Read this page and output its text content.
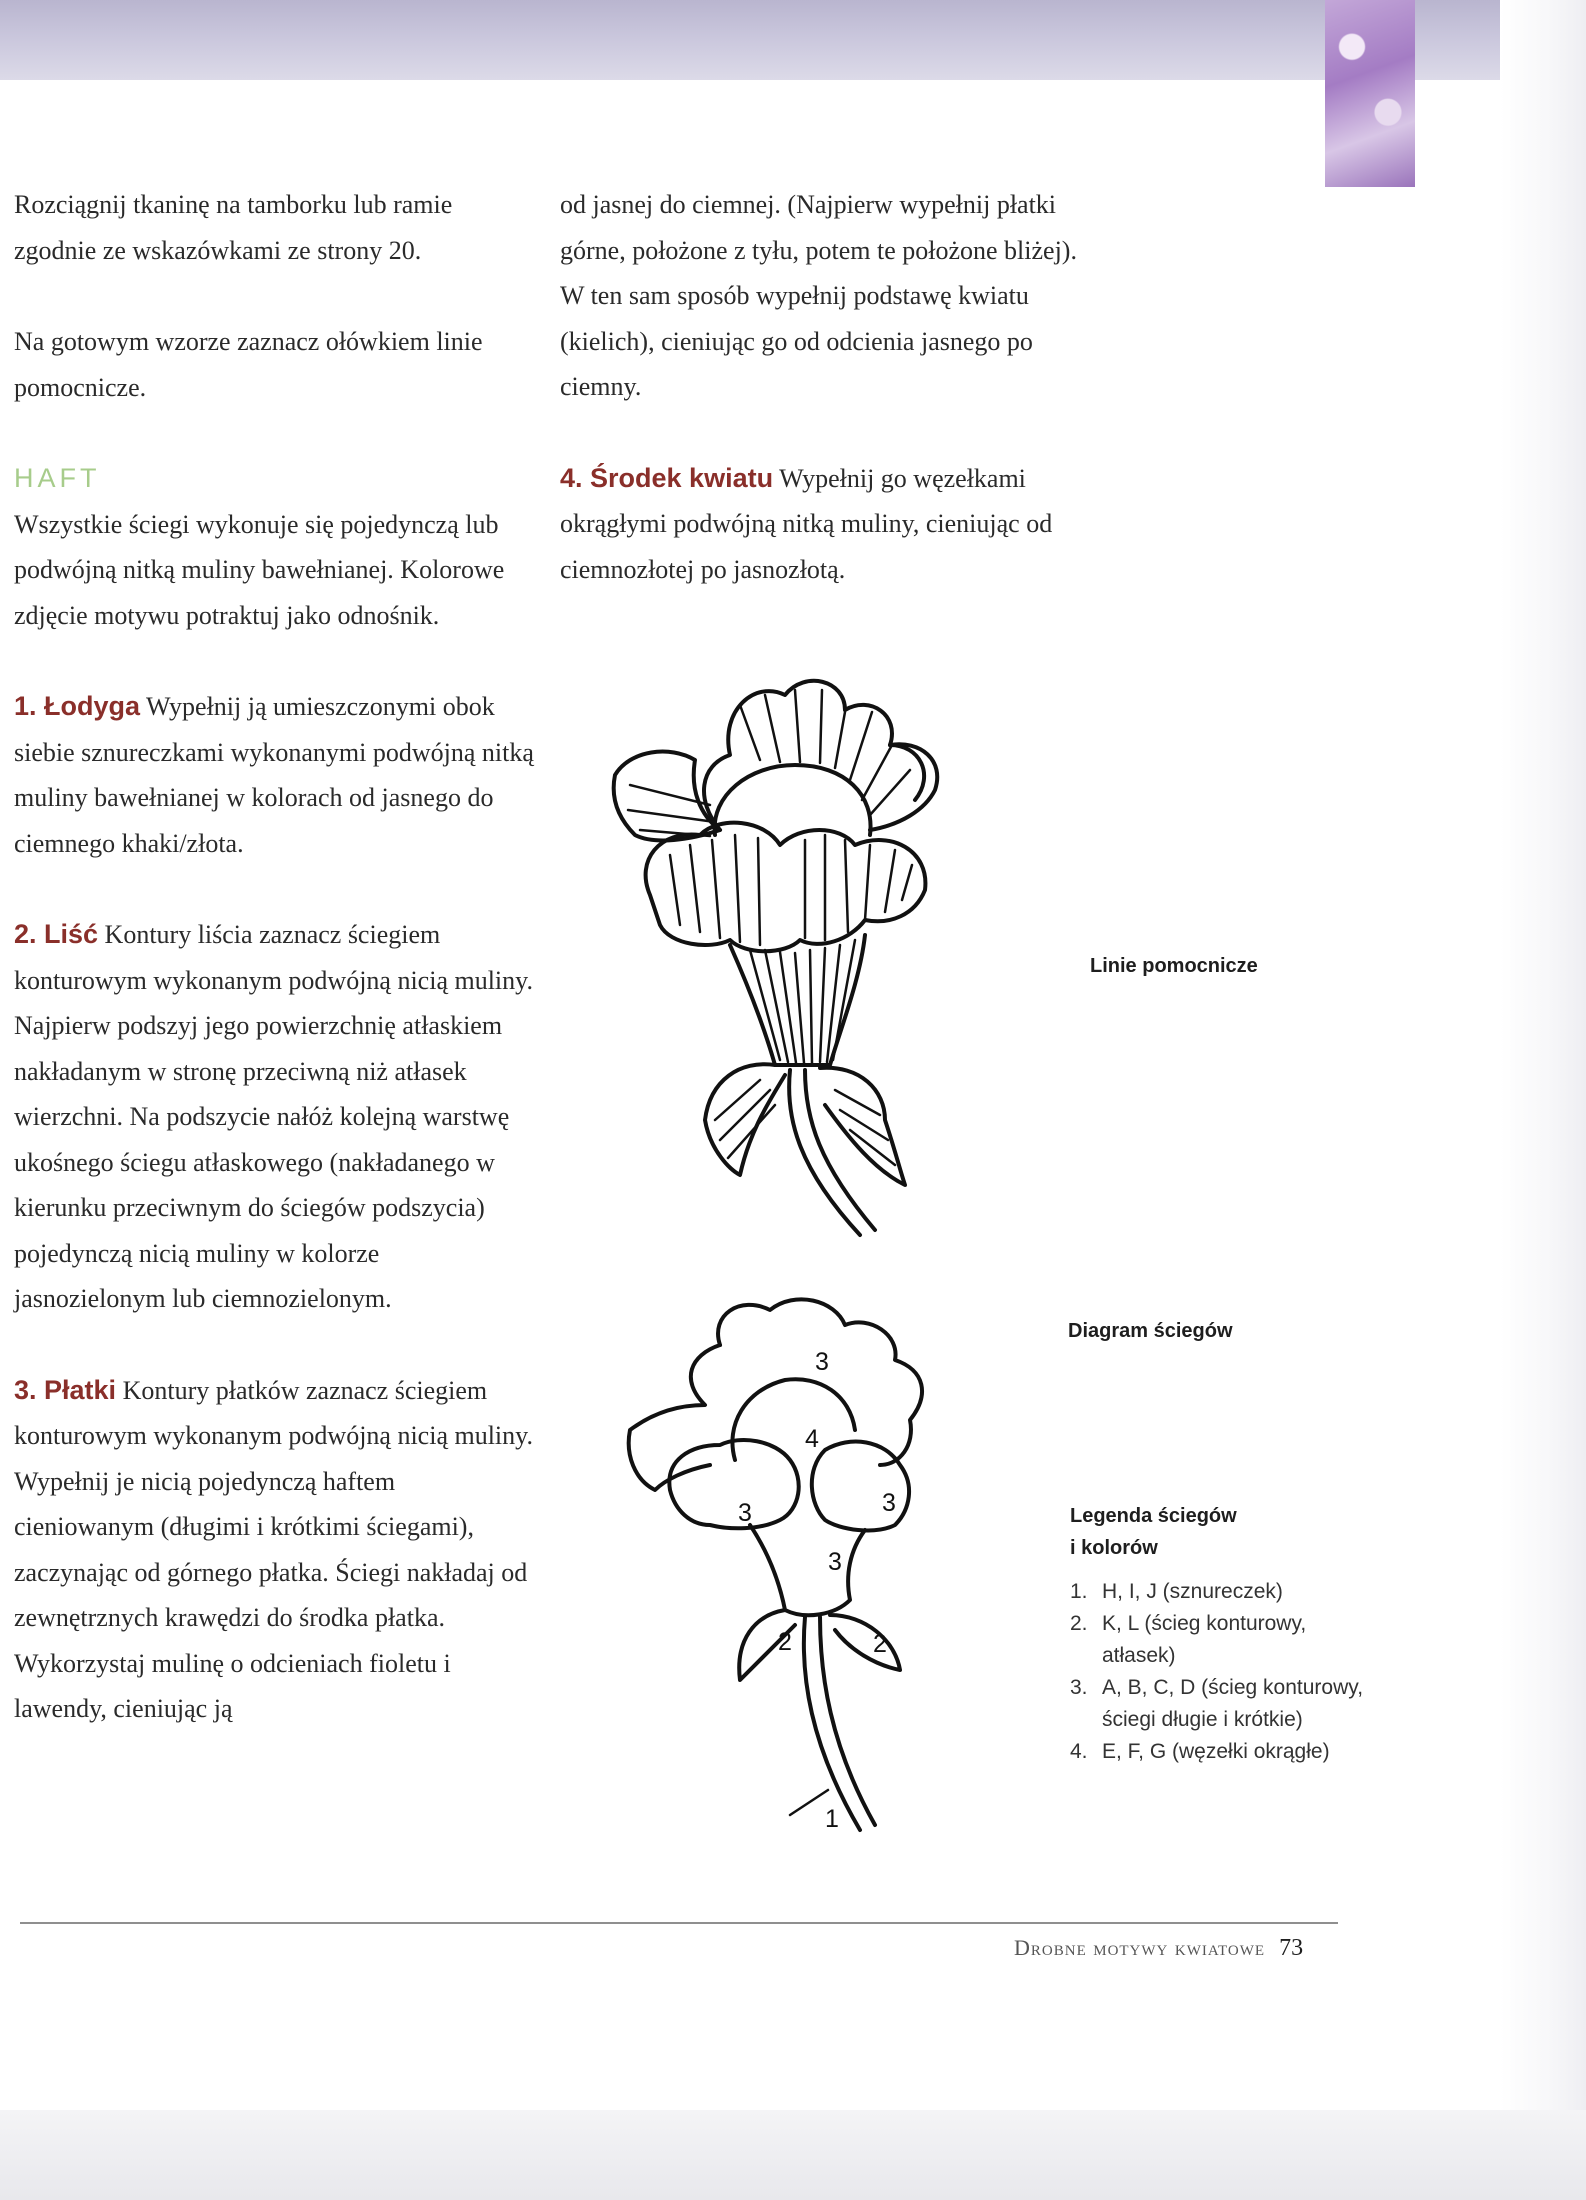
Rozciągnij tkaninę na tamborku lub ramie zgodnie ze wskazówkami ze strony 20.

Na gotowym wzorze zaznacz ołówkiem linie pomocnicze.

HAFT

Wszystkie ściegi wykonuje się pojedynczą lub podwójną nitką muliny bawełnianej. Kolorowe zdjęcie motywu potraktuj jako odnośnik.

1. Łodyga Wypełnij ją umieszczonymi obok siebie sznureczkami wykonanymi podwójną nitką muliny bawełnianej w kolorach od jasnego do ciemnego khaki/złota.

2. Liść Kontury liścia zaznacz ściegiem konturowym wykonanym podwójną nicią muliny. Najpierw podszyj jego powierzchnię atłaskiem nakładanym w stronę przeciwną niż atłasek wierzchni. Na podszycie nałóż kolejną warstwę ukośnego ściegu atłaskowego (nakładanego w kierunku przeciwnym do ściegów podszycia) pojedynczą nicią muliny w kolorze jasnozielonym lub ciemnozielonym.

3. Płatki Kontury płatków zaznacz ściegiem konturowym wykonanym podwójną nicią muliny. Wypełnij je nicią pojedynczą haftem cieniowanym (długimi i krótkimi ściegami), zaczynając od górnego płatka. Ściegi nakładaj od zewnętrznych krawędzi do środka płatka. Wykorzystaj mulinę o odcieniach fioletu i lawendy, cieniując ją

od jasnej do ciemnej. (Najpierw wypełnij płatki górne, położone z tyłu, potem te położone bliżej). W ten sam sposób wypełnij podstawę kwiatu (kielich), cieniując go od odcienia jasnego po ciemny.

4. Środek kwiatu Wypełnij go węzełkami okrągłymi podwójną nitką muliny, cieniując od ciemnozłotej po jasnozłotą.

3
4
3	3
3
2	2
1
Linie pomocnicze
Diagram ściegów
Legenda ściegów
i kolorów
1. H, I, J (sznureczek)
2. K, L (ścieg konturowy, atłasek)
3. A, B, C, D (ścieg konturowy, ściegi długie i krótkie)
4. E, F, G (węzełki okrągłe)
Drobne motywy kwiatowe 73
